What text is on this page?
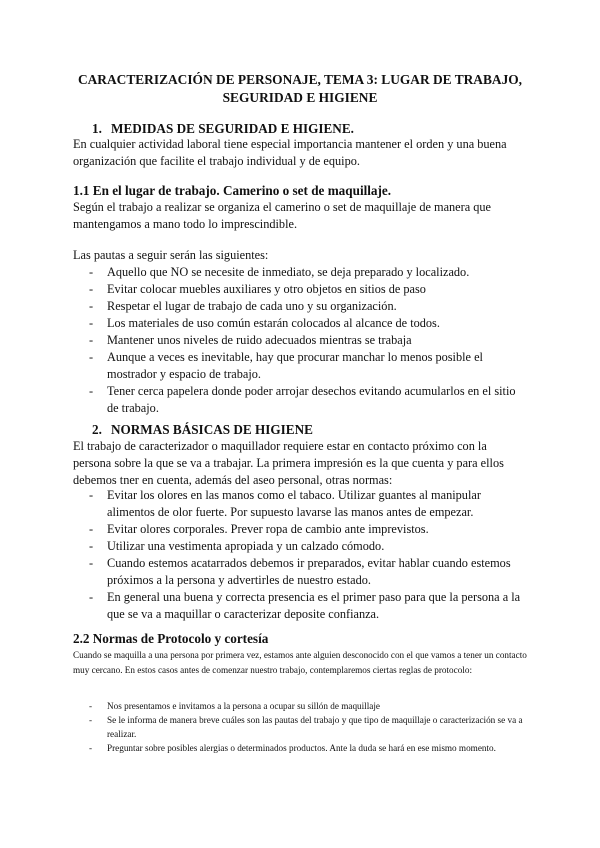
CARACTERIZACIÓN DE PERSONAJE, TEMA 3: LUGAR DE TRABAJO,
SEGURIDAD E HIGIENE
1. MEDIDAS DE SEGURIDAD E HIGIENE.

En cualquier actividad laboral tiene especial importancia mantener el orden y una buena organización que facilite el trabajo individual y de equipo.

1.1 En el lugar de trabajo. Camerino o set de maquillaje.

Según el trabajo a realizar se organiza el camerino o set de maquillaje de manera que mantengamos a mano todo lo imprescindible.

Las pautas a seguir serán las siguientes:

- Aquello que NO se necesite de inmediato, se deja preparado y localizado.
- Evitar colocar muebles auxiliares y otro objetos en sitios de paso
- Respetar el lugar de trabajo de cada uno y su organización.
- Los materiales de uso común estarán colocados al alcance de todos.
- Mantener unos niveles de ruido adecuados mientras se trabaja
- Aunque a veces es inevitable, hay que procurar manchar lo menos posible el mostrador y espacio de trabajo.
- Tener cerca papelera donde poder arrojar desechos evitando acumularlos en el sitio de trabajo.
2. NORMAS BÁSICAS DE HIGIENE

El trabajo de caracterizador o maquillador requiere estar en contacto próximo con la persona sobre la que se va a trabajar. La primera impresión es la que cuenta y para ellos debemos tner en cuenta, además del aseo personal, otras normas:

- Evitar los olores en las manos como el tabaco. Utilizar guantes al manipular alimentos de olor fuerte. Por supuesto lavarse las manos antes de empezar.
- Evitar olores corporales. Prever ropa de cambio ante imprevistos.
- Utilizar una vestimenta apropiada y un calzado cómodo.
- Cuando estemos acatarrados debemos ir preparados, evitar hablar cuando estemos próximos a la persona y advertirles de nuestro estado.
- En general una buena y correcta presencia es el primer paso para que la persona a la que se va a maquillar o caracterizar deposite confianza.
2.2 Normas de Protocolo y cortesía

Cuando se maquilla a una persona por primera vez, estamos ante alguien desconocido con el que vamos a tener un contacto muy cercano. En estos casos antes de comenzar nuestro trabajo, contemplaremos ciertas reglas de protocolo:

- Nos presentamos e invitamos a la persona a ocupar su sillón de maquillaje
- Se le informa de manera breve cuáles son las pautas del trabajo y que tipo de maquillaje o caracterización se va a realizar.
- Preguntar sobre posibles alergias o determinados productos. Ante la duda se hará en ese mismo momento.
